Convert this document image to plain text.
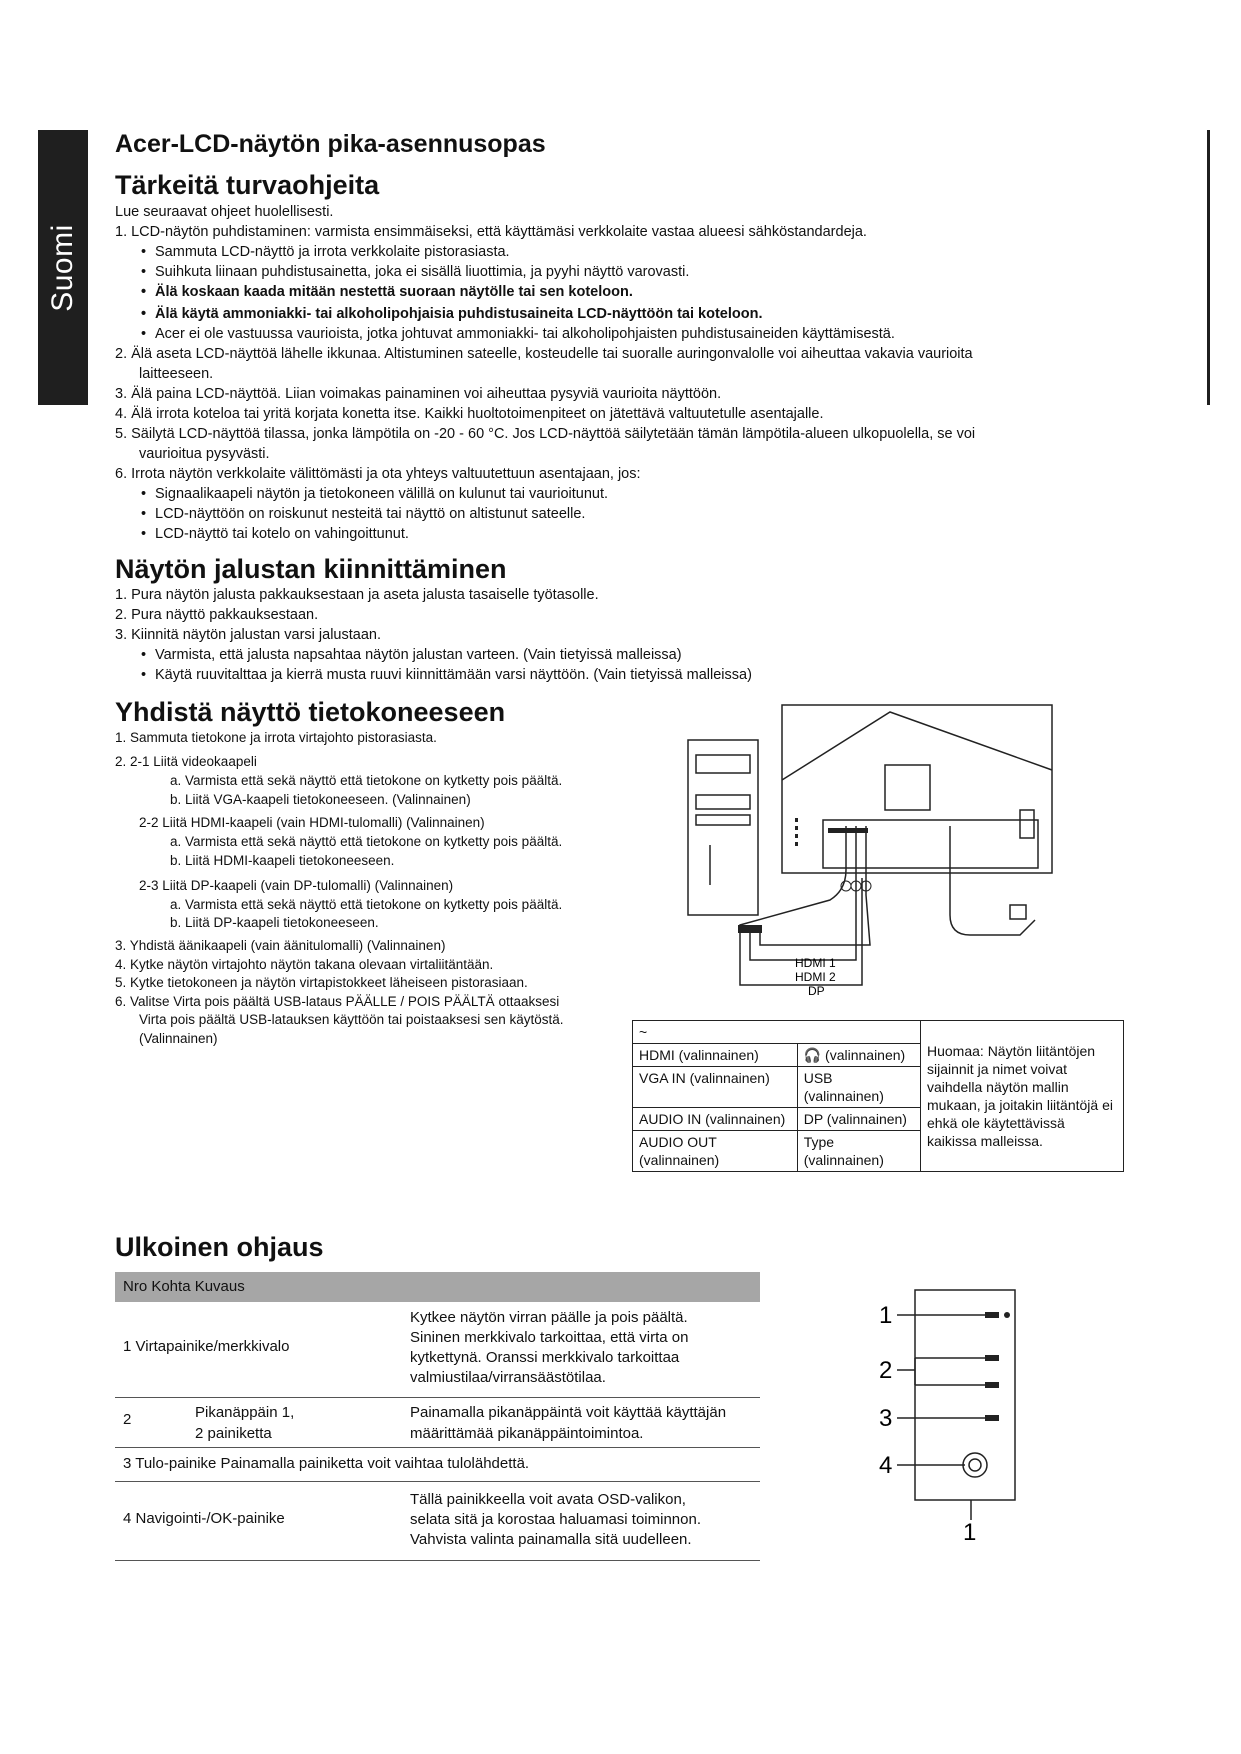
Suomi
Acer-LCD-näytön pika-asennusopas
Tärkeitä turvaohjeita
Lue seuraavat ohjeet huolellisesti.
1. LCD-näytön puhdistaminen: varmista ensimmäiseksi, että käyttämäsi verkkolaite vastaa alueesi sähköstandardeja.
• Sammuta LCD-näyttö ja irrota verkkolaite pistorasiasta.
• Suihkuta liinaan puhdistusainetta, joka ei sisällä liuottimia, ja pyyhi näyttö varovasti.
• Älä koskaan kaada mitään nestettä suoraan näytölle tai sen koteloon.
• Älä käytä ammoniakki- tai alkoholipohjaisia puhdistusaineita LCD-näyttöön tai koteloon.
• Acer ei ole vastuussa vaurioista, jotka johtuvat ammoniakki- tai alkoholipohjaisten puhdistusaineiden käyttämisestä.
2. Älä aseta LCD-näyttöä lähelle ikkunaa. Altistuminen sateelle, kosteudelle tai suoralle auringonvalolle voi aiheuttaa vakavia vaurioita
laitteeseen.
3. Älä paina LCD-näyttöä. Liian voimakas painaminen voi aiheuttaa pysyviä vaurioita näyttöön.
4. Älä irrota koteloa tai yritä korjata konetta itse. Kaikki huoltotoimenpiteet on jätettävä valtuutetulle asentajalle.
5. Säilytä LCD-näyttöä tilassa, jonka lämpötila on -20 - 60 °C. Jos LCD-näyttöä säilytetään tämän lämpötila-alueen ulkopuolella, se voi
vaurioitua pysyvästi.
6. Irrota näytön verkkolaite välittömästi ja ota yhteys valtuutettuun asentajaan, jos:
• Signaalikaapeli näytön ja tietokoneen välillä on kulunut tai vaurioitunut.
• LCD-näyttöön on roiskunut nesteitä tai näyttö on altistunut sateelle.
• LCD-näyttö tai kotelo on vahingoittunut.
Näytön jalustan kiinnittäminen
1. Pura näytön jalusta pakkauksestaan ja aseta jalusta tasaiselle työtasolle.
2. Pura näyttö pakkauksestaan.
3. Kiinnitä näytön jalustan varsi jalustaan.
• Varmista, että jalusta napsahtaa näytön jalustan varteen. (Vain tietyissä malleissa)
• Käytä ruuvitalttaa ja kierrä musta ruuvi kiinnittämään varsi näyttöön. (Vain tietyissä malleissa)
Yhdistä näyttö tietokoneeseen
1. Sammuta tietokone ja irrota virtajohto pistorasiasta.
2. 2-1 Liitä videokaapeli
a. Varmista että sekä näyttö että tietokone on kytketty pois päältä.
b. Liitä VGA-kaapeli tietokoneeseen. (Valinnainen)
2-2 Liitä HDMI-kaapeli (vain HDMI-tulomalli) (Valinnainen)
a. Varmista että sekä näyttö että tietokone on kytketty pois päältä.
b. Liitä HDMI-kaapeli tietokoneeseen.
2-3 Liitä DP-kaapeli (vain DP-tulomalli) (Valinnainen)
a. Varmista että sekä näyttö että tietokone on kytketty pois päältä.
b. Liitä DP-kaapeli tietokoneeseen.
3. Yhdistä äänikaapeli (vain äänitulomalli) (Valinnainen)
4. Kytke näytön virtajohto näytön takana olevaan virtaliitäntään.
5. Kytke tietokoneen ja näytön virtapistokkeet läheiseen pistorasiaan.
6. Valitse Virta pois päältä USB-lataus PÄÄLLE / POIS PÄÄLTÄ ottaaksesi
Virta pois päältä USB-latauksen käyttöön tai poistaaksesi sen käytöstä.
(Valinnainen)
HDMI 1
HDMI 2
DP
~		Huomaa: Näytön liitäntöjen sijainnit ja nimet voivat vaihdella näytön mallin mukaan, ja joitakin liitäntöjä ei ehkä ole käytettävissä kaikissa malleissa.
HDMI (valinnainen)	🎧 (valinnainen)	
VGA IN (valinnainen)	USB (valinnainen)	
AUDIO IN (valinnainen)	DP (valinnainen)	
AUDIO OUT (valinnainen)	Type (valinnainen)	
Ulkoinen ohjaus
Nro Kohta Kuvaus
1 Virtapainike/merkkivalo
Kytkee näytön virran päälle ja pois päältä.
Sininen merkkivalo tarkoittaa, että virta on
kytkettynä. Oranssi merkkivalo tarkoittaa
valmiustilaa/virransäästötilaa.
2	Pikanäppäin 1,
2 painiketta
Painamalla pikanäppäintä voit käyttää käyttäjän
määrittämää pikanäppäintoimintoa.
3 Tulo-painike Painamalla painiketta voit vaihtaa tulolähdettä.
4 Navigointi-/OK-painike
Tällä painikkeella voit avata OSD-valikon,
selata sitä ja korostaa haluamasi toiminnon.
Vahvista valinta painamalla sitä uudelleen.
1
2
3
4
1
